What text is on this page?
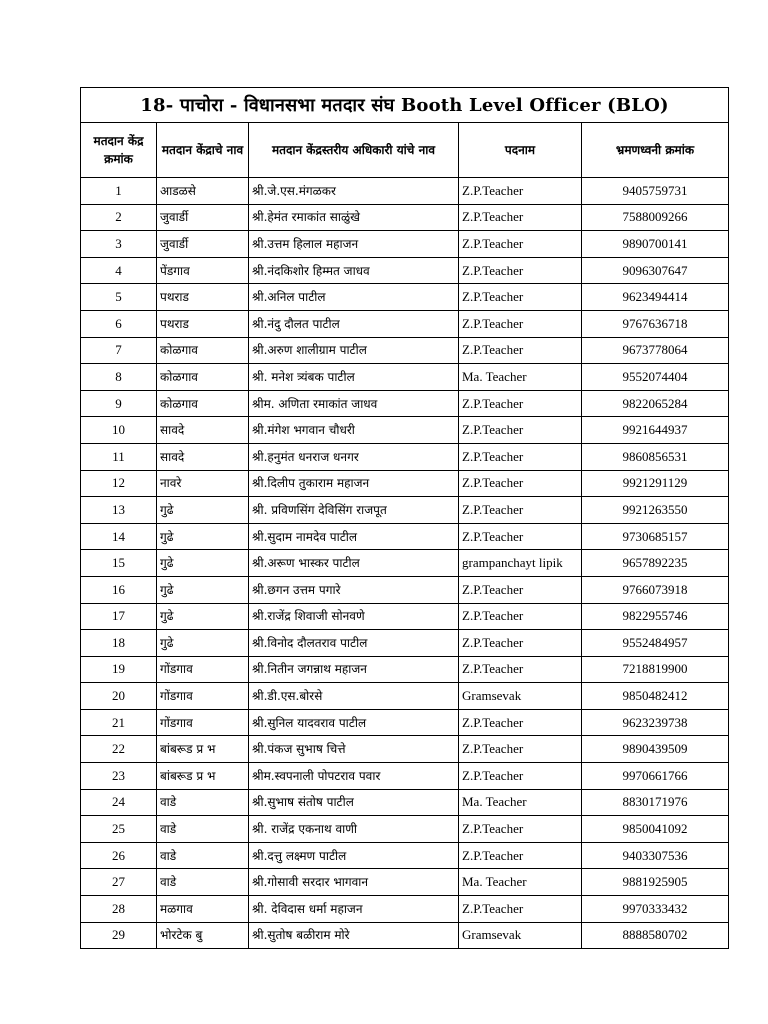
18- पाचोरा - विधानसभा मतदार संघ Booth Level Officer (BLO)				
मतदान केंद्र क्रमांक	मतदान केंद्राचे नाव	मतदान केंद्रस्तरीय अधिकारी यांचे नाव	पदनाम	भ्रमणध्वनी क्रमांक
1	आडळसे	श्री.जे.एस.मंगळकर	Z.P.Teacher	9405759731
2	जुवार्डी	श्री.हेमंत रमाकांत साळुंखे	Z.P.Teacher	7588009266
3	जुवार्डी	श्री.उत्तम हिलाल महाजन	Z.P.Teacher	9890700141
4	पेंडगाव	श्री.नंदकिशोर हिम्मत जाधव	Z.P.Teacher	9096307647
5	पथराड	श्री.अनिल पाटील	Z.P.Teacher	9623494414
6	पथराड	श्री.नंदु दौलत पाटील	Z.P.Teacher	9767636718
7	कोळगाव	श्री.अरुण शालीग्राम पाटील	Z.P.Teacher	9673778064
8	कोळगाव	श्री. मनेश त्र्यंबक पाटील	Ma. Teacher	9552074404
9	कोळगाव	श्रीम. अणिता रमाकांत जाधव	Z.P.Teacher	9822065284
10	सावदे	श्री.मंगेश भगवान चौधरी	Z.P.Teacher	9921644937
11	सावदे	श्री.हनुमंत धनराज धनगर	Z.P.Teacher	9860856531
12	नावरे	श्री.दिलीप तुकाराम महाजन	Z.P.Teacher	9921291129
13	गुढे	श्री. प्रविणसिंग देविसिंग राजपूत	Z.P.Teacher	9921263550
14	गुढे	श्री.सुदाम नामदेव पाटील	Z.P.Teacher	9730685157
15	गुढे	श्री.अरूण भास्कर पाटील	grampanchayt lipik	9657892235
16	गुढे	श्री.छगन उत्तम पगारे	Z.P.Teacher	9766073918
17	गुढे	श्री.राजेंद्र शिवाजी सोनवणे	Z.P.Teacher	9822955746
18	गुढे	श्री.विनोद दौलतराव पाटील	Z.P.Teacher	9552484957
19	गोंडगाव	श्री.नितीन जगन्नाथ महाजन	Z.P.Teacher	7218819900
20	गोंडगाव	श्री.डी.एस.बोरसे	Gramsevak	9850482412
21	गोंडगाव	श्री.सुनिल यादवराव पाटील	Z.P.Teacher	9623239738
22	बांबरूड प्र भ	श्री.पंकज सुभाष चित्ते	Z.P.Teacher	9890439509
23	बांबरूड प्र भ	श्रीम.स्वपनाली पोपटराव पवार	Z.P.Teacher	9970661766
24	वाडे	श्री.सुभाष संतोष पाटील	Ma. Teacher	8830171976
25	वाडे	श्री. राजेंद्र एकनाथ वाणी	Z.P.Teacher	9850041092
26	वाडे	श्री.दत्तु लक्ष्मण पाटील	Z.P.Teacher	9403307536
27	वाडे	श्री.गोसावी सरदार भागवान	Ma. Teacher	9881925905
28	मळगाव	श्री. देविदास धर्मा महाजन	Z.P.Teacher	9970333432
29	भोरटेक बु	श्री.सुतोष बळीराम मोरे	Gramsevak	8888580702
